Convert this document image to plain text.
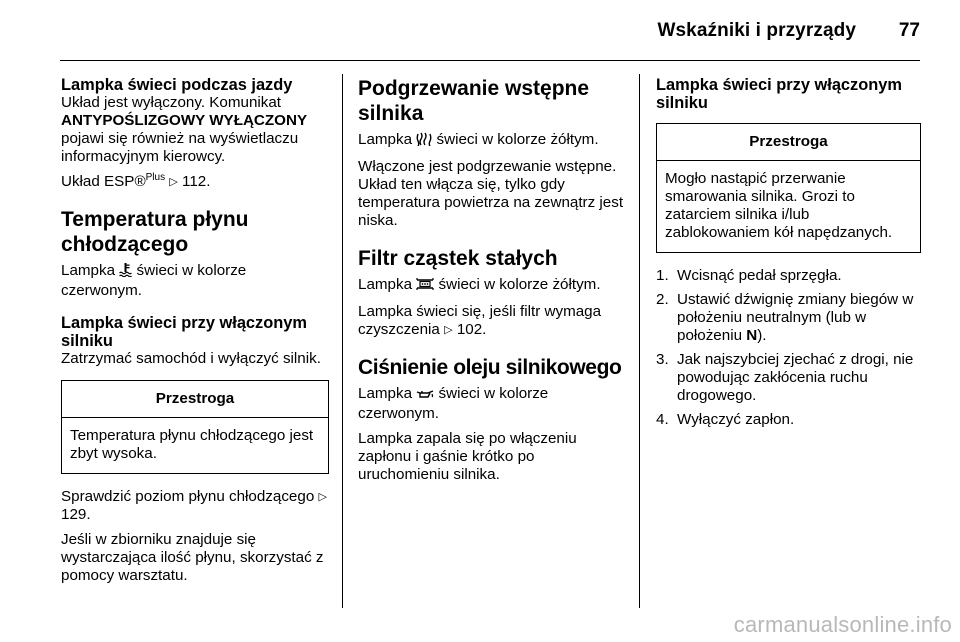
Wskaźniki i przyrządy 77
Lampka świeci podczas jazdy

Układ jest wyłączony. Komunikat
ANTYPOŚLIZGOWY WYŁĄCZONY
pojawi się również na wyświetlaczu informacyjnym kierowcy.

Układ ESP®$^{Plus}$ ▷ 112.

Temperatura płynu chłodzącego

Lampka świeci w kolorze czerwonym.

Lampka świeci przy włączonym silniku

Zatrzymać samochód i wyłączyć silnik.

Przestroga
Temperatura płynu chłodzącego jest zbyt wysoka.

Sprawdzić poziom płynu chłodzącego ▷ 129.

Jeśli w zbiorniku znajduje się wystarczająca ilość płynu, skorzystać z pomocy warsztatu.

Podgrzewanie wstępne silnika

Lampka świeci w kolorze żółtym.

Włączone jest podgrzewanie wstępne. Układ ten włącza się, tylko gdy temperatura powietrza na zewnątrz jest niska.

Filtr cząstek stałych

Lampka świeci w kolorze żółtym.

Lampka świeci się, jeśli filtr wymaga czyszczenia ▷ 102.

Ciśnienie oleju silnikowego

Lampka świeci w kolorze czerwonym.

Lampka zapala się po włączeniu zapłonu i gaśnie krótko po uruchomieniu silnika.

Lampka świeci przy włączonym silniku
Przestroga
Mogło nastąpić przerwanie smarowania silnika. Grozi to zatarciem silnika i/lub zablokowaniem kół napędzanych.
1. Wcisnąć pedał sprzęgła.
2. Ustawić dźwignię zmiany biegów w położeniu neutralnym (lub w położeniu N).
3. Jak najszybciej zjechać z drogi, nie powodując zakłócenia ruchu drogowego.
4. Wyłączyć zapłon.
carmanualsonline.info
